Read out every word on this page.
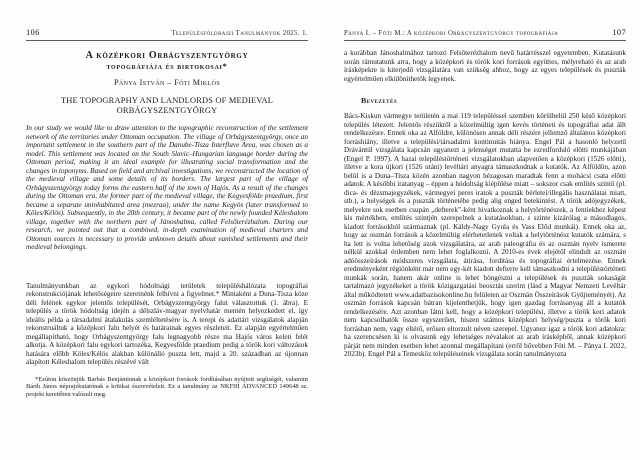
106	Településföldrajzi Tanulmányok 2025. 1.
A középkori Orbágyszentgyörgy
topográfiája és birtokosai*
Pánya István – Fóti Miklós
THE TOPOGRAPHY AND LANDLORDS OF MEDIEVAL
ORBÁGYSZENTGYÖRGY
In our study we would like to draw attention to the topographic reconstruction of the settlement network of the territories under Ottoman occupation. The village of Orbágyszentgyörgy, once an important settlement in the southern part of the Danube-Tisza Interfluve Area, was chosen as a model. This settlement was located on the South Slavic–Hungarian language border during the Ottoman period, making it an ideal example for illustrating social transformation and the changes in toponyms. Based on field and archival investigations, we reconstructed the location of the medieval village and some details of its borders. The largest part of the village of Orbágyszentgyörgy today forms the eastern half of the town of Hajós. As a result of the changes during the Ottoman era, the former part of the medieval village, the Kegyesfölde praedium, first became a separate uninhabitated area (mezraa), under the name Kegyös (later transformed to Köles/Kélös). Subsequently, in the 20th century, it became part of the newly founded Kéleshalom village, together with the northern part of Jánoshalma, called Felsőterézhalom. During our research, we pointed out that a combined, in-depth examination of medieval charters and Ottoman sources is necessary to provide unknown details about vanished settlements and their medieval belongings.
Tanulmányunkban az egykori hódoltsági területek településhálózata topográfiai rekonstrukciójának lehetőségeire szeretnénk felhívni a figyelmet.* Mintaként a Duna-Tisza köze déli felének egykor jelentős települését, Orbágyszentgyörgy falut választottuk (1. ábra). E település a török hódoltság idején a délszláv-magyar nyelvhatár mentén helyezkedett el, így ideális példa a társadalmi átalakulás szemléltetésére is. A terepi és adattári vizsgálatok alapján rekonstruáltuk a középkori falu helyét és határainak egyes részleteit. Ez alapján egyértelműen megállapítható, hogy Orbágyszentgyörgy falu legnagyobb része ma Hajós város keleti felét alkotja. A középkori falu egykori tartozéka, Kegyesfölde praedium pedig a török kori változások hatására előbb Köles/Kélös alakban különálló puszta lett, majd a 20. században az újonnan alapított Kéleshalom település részévé vált
*Ezúton köszönjük Barbás Benjáminnak a középkori források fordításában nyújtott segítségét, valamint Bárth János néprajzkutatónak a kritikai észrevételeit. Ez a tanulmány az NKFIH ADVANCED 149648 sz. projekt keretében valósult meg.
Pánya I. – Fóti M.: A középkori Orbágyszentgyörgy topográfiája	107
a korábban Jánoshalmához tartozó Felsőterézhalom nevű határrésszel egyetemben. Kutatásunk során rámutatunk arra, hogy a középkori és török kori források együttes, mélyreható és az arab írásképekre is kiterjedő vizsgálatára van szükség ahhoz, hogy az egyes települések és puszták egyértelműen elkülöníthetők legyenek.
Bevezetés
Bács-Kiskun vármegye területén a mai 119 településsel szemben körülbelül 250 késő középkori település létezett. Jelentős részükről a közelmúltig igen kevés történeti és topográfiai adat állt rendelkezésre. Ennek oka az Alföldre, különösen annak déli részére jellemző általános középkori forráshiány, illetve a települési/társadalmi kontinuitás hiánya. Engel Pál a hasonló helyzetű Drávántúl vizsgálata kapcsán ugyanezt a jelenséget mutatta be ezredforduló előtti munkájában (Engel P. 1997). A hazai településtörténeti vizsgálatokban alapvetően a középkori (1526 előtti), illetve a kora újkori (1526 utáni) levéltári anyagra támaszkodnak a kutatók. Az Alföldön, azon belül is a Duna–Tisza közén azonban nagyon hézagosan maradtak fenn a mohácsi csata előtti adatok. A későbbi iratanyag – éppen a hódoltság kiépülése miatt – sokszor csak említés szintű (pl. dica- és dézsmajegyzékek, vármegyei peres iratok a puszták bérletei/illegális használatai miatt, stb.), a helységek és a puszták történetébe pedig alig enged betekintést. A török adójegyzékek, melyekre sok esetben csupán „defterek”-ként hivatkoznak a helytörténészek, a fentiekhez képest kis mértékben, említés szintjén szerepelnek a kutatásokban, s szinte kizárólag a másodlagos, kiadott forrásokból származnak (pl. Káldy-Nagy Gyula és Vass Előd munkái). Ennek oka az, hogy az oszmán források a közelmúltig elérhetetlenek voltak a helytörténész kutatók számára, s ha lett is volna lehetőség azok vizsgálatára, az arab paleográfia és az oszmán nyelv ismerete nélkül azokkal érdemben nem lehet foglalkozni. A 2010-es évek elejétől elindult az oszmán adóösszeírások módszeres vizsgálata, átírása, fordítása és topográfiai értelmezése. Ennek eredményeként régiónként már nem egy-két kiadott defterre kell támaszkodni a településtörténeti munkák során, hanem akár online is lehet böngészni a települések és puszták sokaságát tartalmazó jegyzékeket a török közigazgatási beosztás szerint (lásd a Magyar Nemzeti Levéltár által működtetett www.adatbazisokonline.hu felületen az Oszmán Összeírások Gyűjteményét). Az oszmán források kapcsán bátran kijelenthetjük, hogy igen gazdag forrásanyag áll a kutatók rendelkezésére. Azt azonban látni kell, hogy a középkori települési, illetve a török kori adatok nem kapcsolhatók össze egyszerűen, hiszen számos középkori helység/puszta a török kori forrásban nem, vagy eltérő, erősen eltorzult néven szerepel. Ugyanez igaz a török kori adatokra: ha szerencsésen ki is olvasunk egy lehetséges névalakot az arab írásképből, annak középkori párját nem minden esetben lehet azonnal megállapítani (erről bővebben Fóti M. – Pánya I. 2022, 2023b). Engel Pál a Temesköz településeinek vizsgálata során tanulmányozta
